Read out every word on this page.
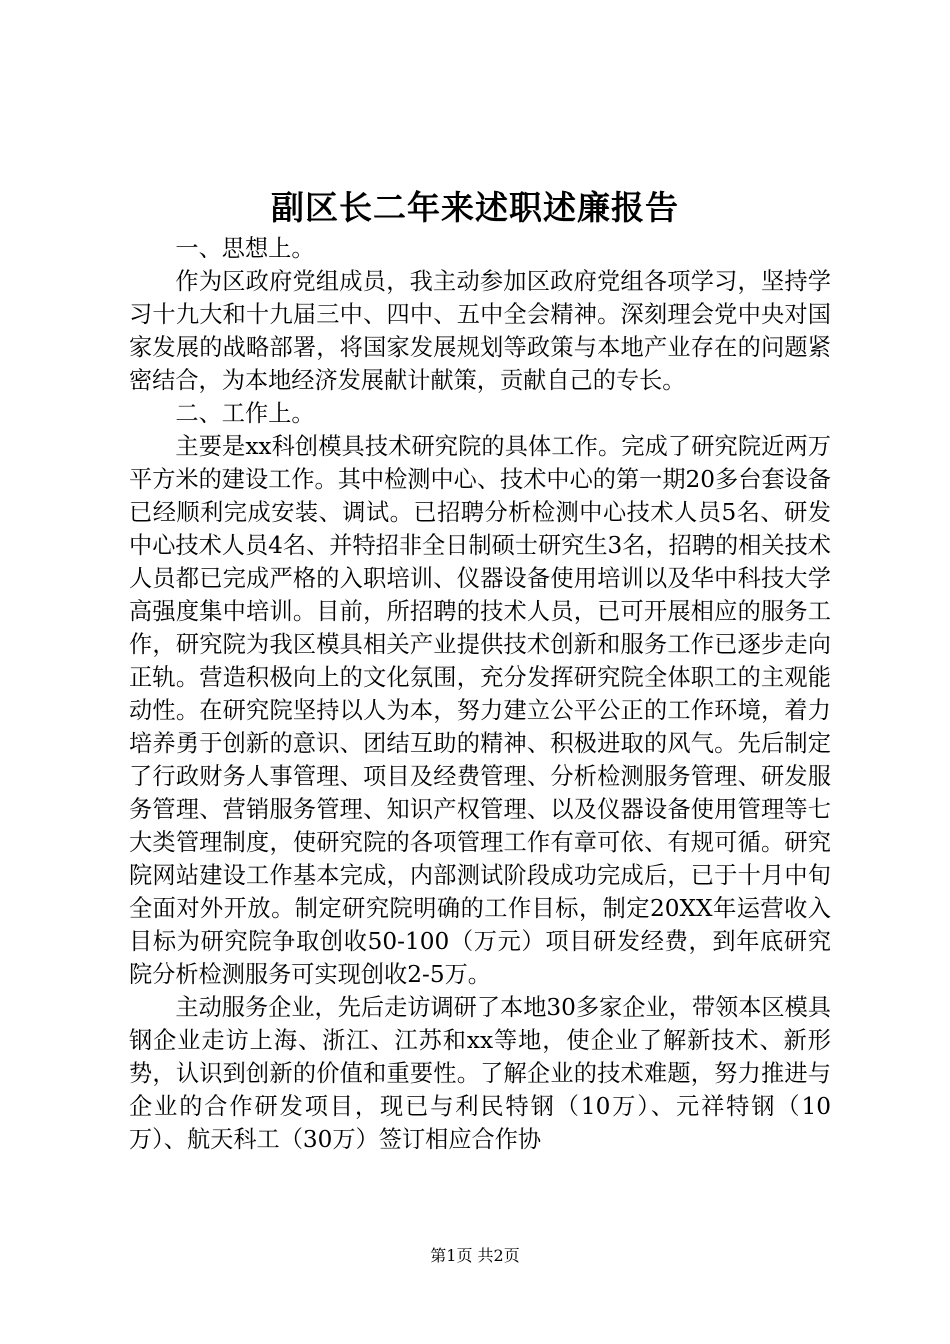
副区长二年来述职述廉报告

一、思想上。

作为区政府党组成员，我主动参加区政府党组各项学习，坚持学习十九大和十九届三中、四中、五中全会精神。深刻理会党中央对国家发展的战略部署，将国家发展规划等政策与本地产业存在的问题紧密结合，为本地经济发展献计献策，贡献自己的专长。

二、工作上。

主要是xx科创模具技术研究院的具体工作。完成了研究院近两万平方米的建设工作。其中检测中心、技术中心的第一期20多台套设备已经顺利完成安装、调试。已招聘分析检测中心技术人员5名、研发中心技术人员4名、并特招非全日制硕士研究生3名，招聘的相关技术人员都已完成严格的入职培训、仪器设备使用培训以及华中科技大学高强度集中培训。目前，所招聘的技术人员，已可开展相应的服务工作，研究院为我区模具相关产业提供技术创新和服务工作已逐步走向正轨。营造积极向上的文化氛围，充分发挥研究院全体职工的主观能动性。在研究院坚持以人为本，努力建立公平公正的工作环境，着力培养勇于创新的意识、团结互助的精神、积极进取的风气。先后制定了行政财务人事管理、项目及经费管理、分析检测服务管理、研发服务管理、营销服务管理、知识产权管理、以及仪器设备使用管理等七大类管理制度，使研究院的各项管理工作有章可依、有规可循。研究院网站建设工作基本完成，内部测试阶段成功完成后，已于十月中旬全面对外开放。制定研究院明确的工作目标，制定20XX年运营收入目标为研究院争取创收50-100（万元）项目研发经费，到年底研究院分析检测服务可实现创收2-5万。

主动服务企业，先后走访调研了本地30多家企业，带领本区模具钢企业走访上海、浙江、江苏和xx等地，使企业了解新技术、新形势，认识到创新的价值和重要性。了解企业的技术难题，努力推进与企业的合作研发项目，现已与利民特钢（10万）、元祥特钢（10万）、航天科工（30万）签订相应合作协

第1页 共2页
